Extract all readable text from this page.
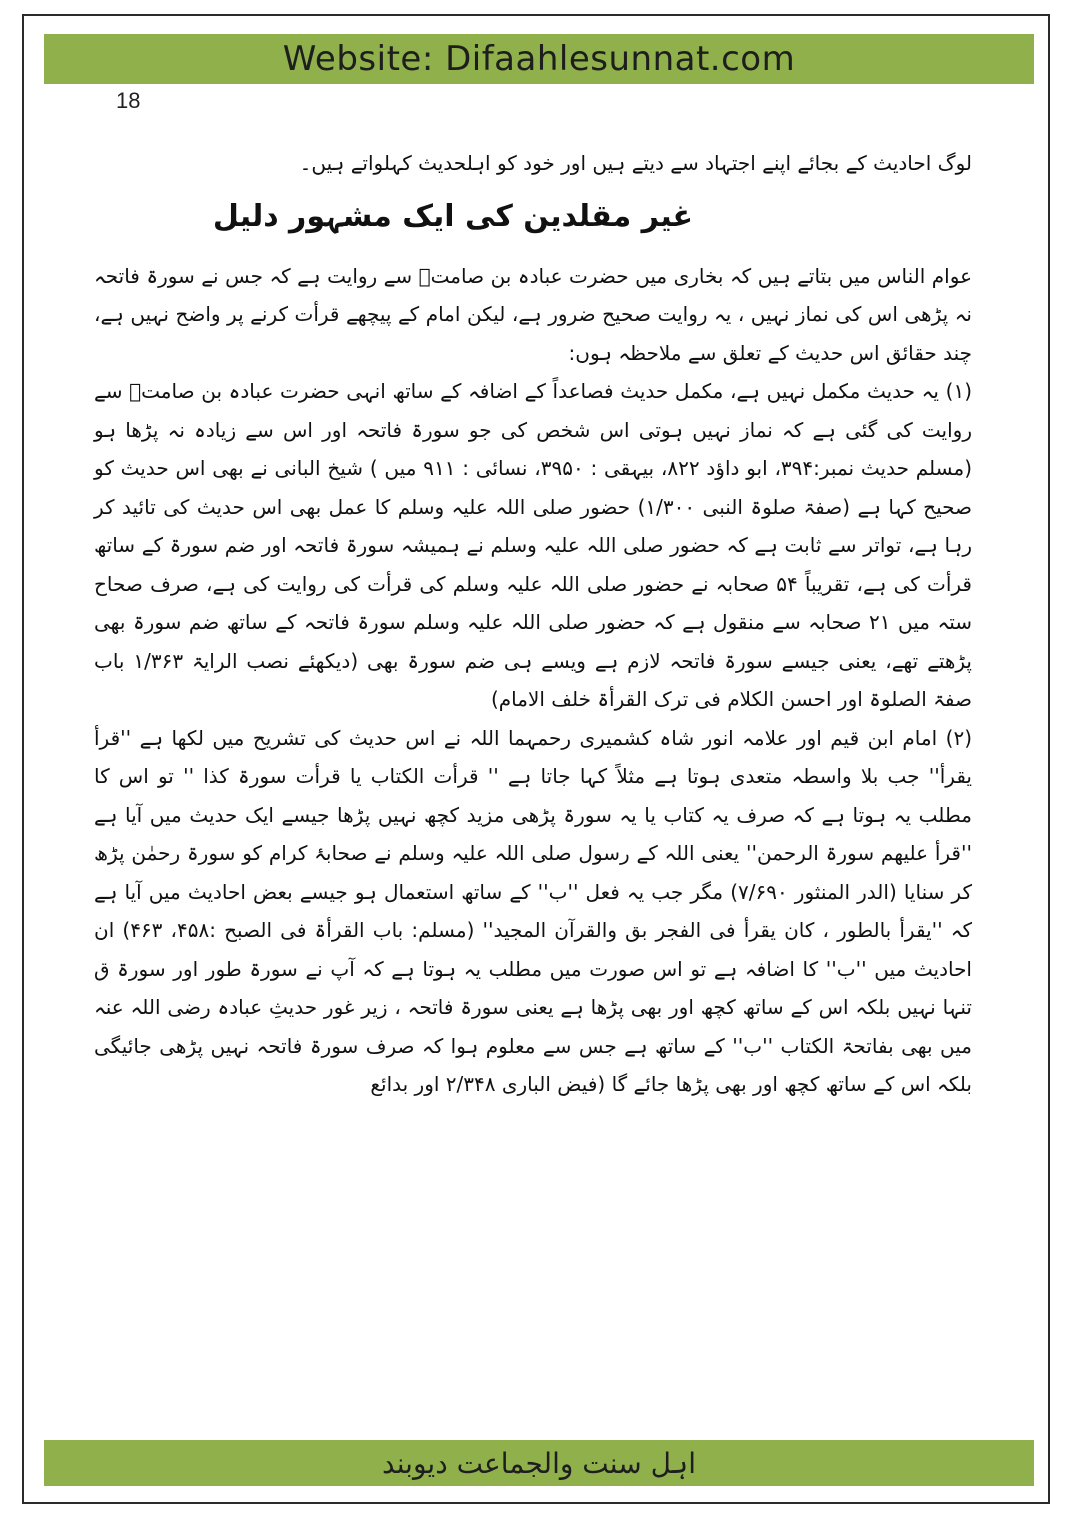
Website: Difaahlesunnat.com
18

لوگ احادیث کے بجائے اپنے اجتہاد سے دیتے ہیں اور خود کو اہلحدیث کہلواتے ہیں۔

غیر مقلدین کی ایک مشہور دلیل

عوام الناس میں بتاتے ہیں کہ بخاری میں حضرت عبادہ بن صامتؓ سے روایت ہے کہ جس نے سورۃ فاتحہ نہ پڑھی اس کی نماز نہیں ، یہ روایت صحیح ضرور ہے، لیکن امام کے پیچھے قرأت کرنے پر واضح نہیں ہے، چند حقائق اس حدیث کے تعلق سے ملاحظہ ہوں:

(۱) یہ حدیث مکمل نہیں ہے، مکمل حدیث فصاعداً کے اضافہ کے ساتھ انہی حضرت عبادہ بن صامتؓ سے روایت کی گئی ہے کہ نماز نہیں ہوتی اس شخص کی جو سورۃ فاتحہ اور اس سے زیادہ نہ پڑھا ہو (مسلم حدیث نمبر:۳۹۴، ابو داؤد ۸۲۲، بیہقی : ۳۹۵۰، نسائی : ۹۱۱ میں ) شیخ البانی نے بھی اس حدیث کو صحیح کہا ہے (صفۃ صلوۃ النبی ۱/۳۰۰) حضور صلی اللہ علیہ وسلم کا عمل بھی اس حدیث کی تائید کر رہا ہے، تواتر سے ثابت ہے کہ حضور صلی اللہ علیہ وسلم نے ہمیشہ سورۃ فاتحہ اور ضم سورۃ کے ساتھ قرأت کی ہے، تقریباً ۵۴ صحابہ نے حضور صلی اللہ علیہ وسلم کی قرأت کی روایت کی ہے، صرف صحاح ستہ میں ۲۱ صحابہ سے منقول ہے کہ حضور صلی اللہ علیہ وسلم سورۃ فاتحہ کے ساتھ ضم سورۃ بھی پڑھتے تھے، یعنی جیسے سورۃ فاتحہ لازم ہے ویسے ہی ضم سورۃ بھی (دیکھئے نصب الرایۃ ۱/۳۶۳ باب صفۃ الصلوۃ اور احسن الکلام فی ترک القرأۃ خلف الامام)

(۲) امام ابن قیم اور علامہ انور شاہ کشمیری رحمہما اللہ نے اس حدیث کی تشریح میں لکھا ہے ''قرأ یقرأ'' جب بلا واسطہ متعدی ہوتا ہے مثلاً کہا جاتا ہے '' قرأت الکتاب یا قرأت سورۃ کذا '' تو اس کا مطلب یہ ہوتا ہے کہ صرف یہ کتاب یا یہ سورۃ پڑھی مزید کچھ نہیں پڑھا جیسے ایک حدیث میں آیا ہے ''قرأ علیھم سورۃ الرحمن'' یعنی اللہ کے رسول صلی اللہ علیہ وسلم نے صحابۂ کرام کو سورۃ رحمٰن پڑھ کر سنایا (الدر المنثور ۷/۶۹۰) مگر جب یہ فعل ''ب'' کے ساتھ استعمال ہو جیسے بعض احادیث میں آیا ہے کہ ''یقرأ بالطور ، کان یقرأ فی الفجر بق والقرآن المجید'' (مسلم: باب القرأۃ فی الصبح :۴۵۸، ۴۶۳) ان احادیث میں ''ب'' کا اضافہ ہے تو اس صورت میں مطلب یہ ہوتا ہے کہ آپ نے سورۃ طور اور سورۃ ق تنہا نہیں بلکہ اس کے ساتھ کچھ اور بھی پڑھا ہے یعنی سورۃ فاتحہ ، زیر غور حدیثِ عبادہ رضی اللہ عنہ میں بھی بفاتحۃ الکتاب ''ب'' کے ساتھ ہے جس سے معلوم ہوا کہ صرف سورۃ فاتحہ نہیں پڑھی جائیگی بلکہ اس کے ساتھ کچھ اور بھی پڑھا جائے گا (فیض الباری ۲/۳۴۸ اور بدائع

اہل سنت والجماعت دیوبند
